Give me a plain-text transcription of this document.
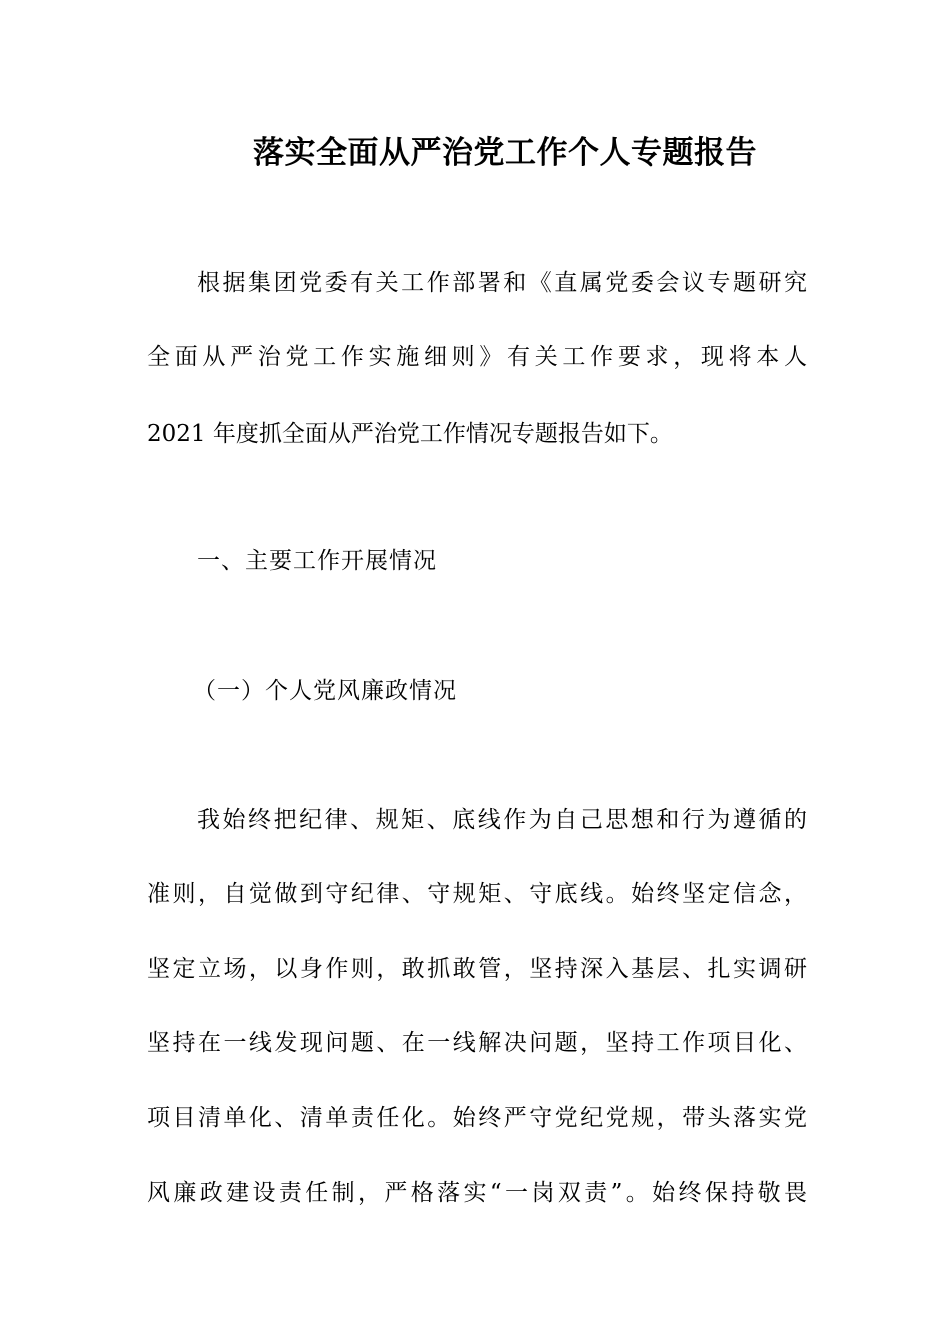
落实全面从严治党工作个人专题报告
根据集团党委有关工作部署和《直属党委会议专题研究
全面从严治党工作实施细则》有关工作要求，现将本人
2021 年度抓全面从严治党工作情况专题报告如下。
一、主要工作开展情况
（一）个人党风廉政情况
我始终把纪律、规矩、底线作为自己思想和行为遵循的
准则，自觉做到守纪律、守规矩、守底线。始终坚定信念，
坚定立场，以身作则，敢抓敢管，坚持深入基层、扎实调研
坚持在一线发现问题、在一线解决问题，坚持工作项目化、
项目清单化、清单责任化。始终严守党纪党规，带头落实党
风廉政建设责任制，严格落实“一岗双责”。始终保持敬畏
